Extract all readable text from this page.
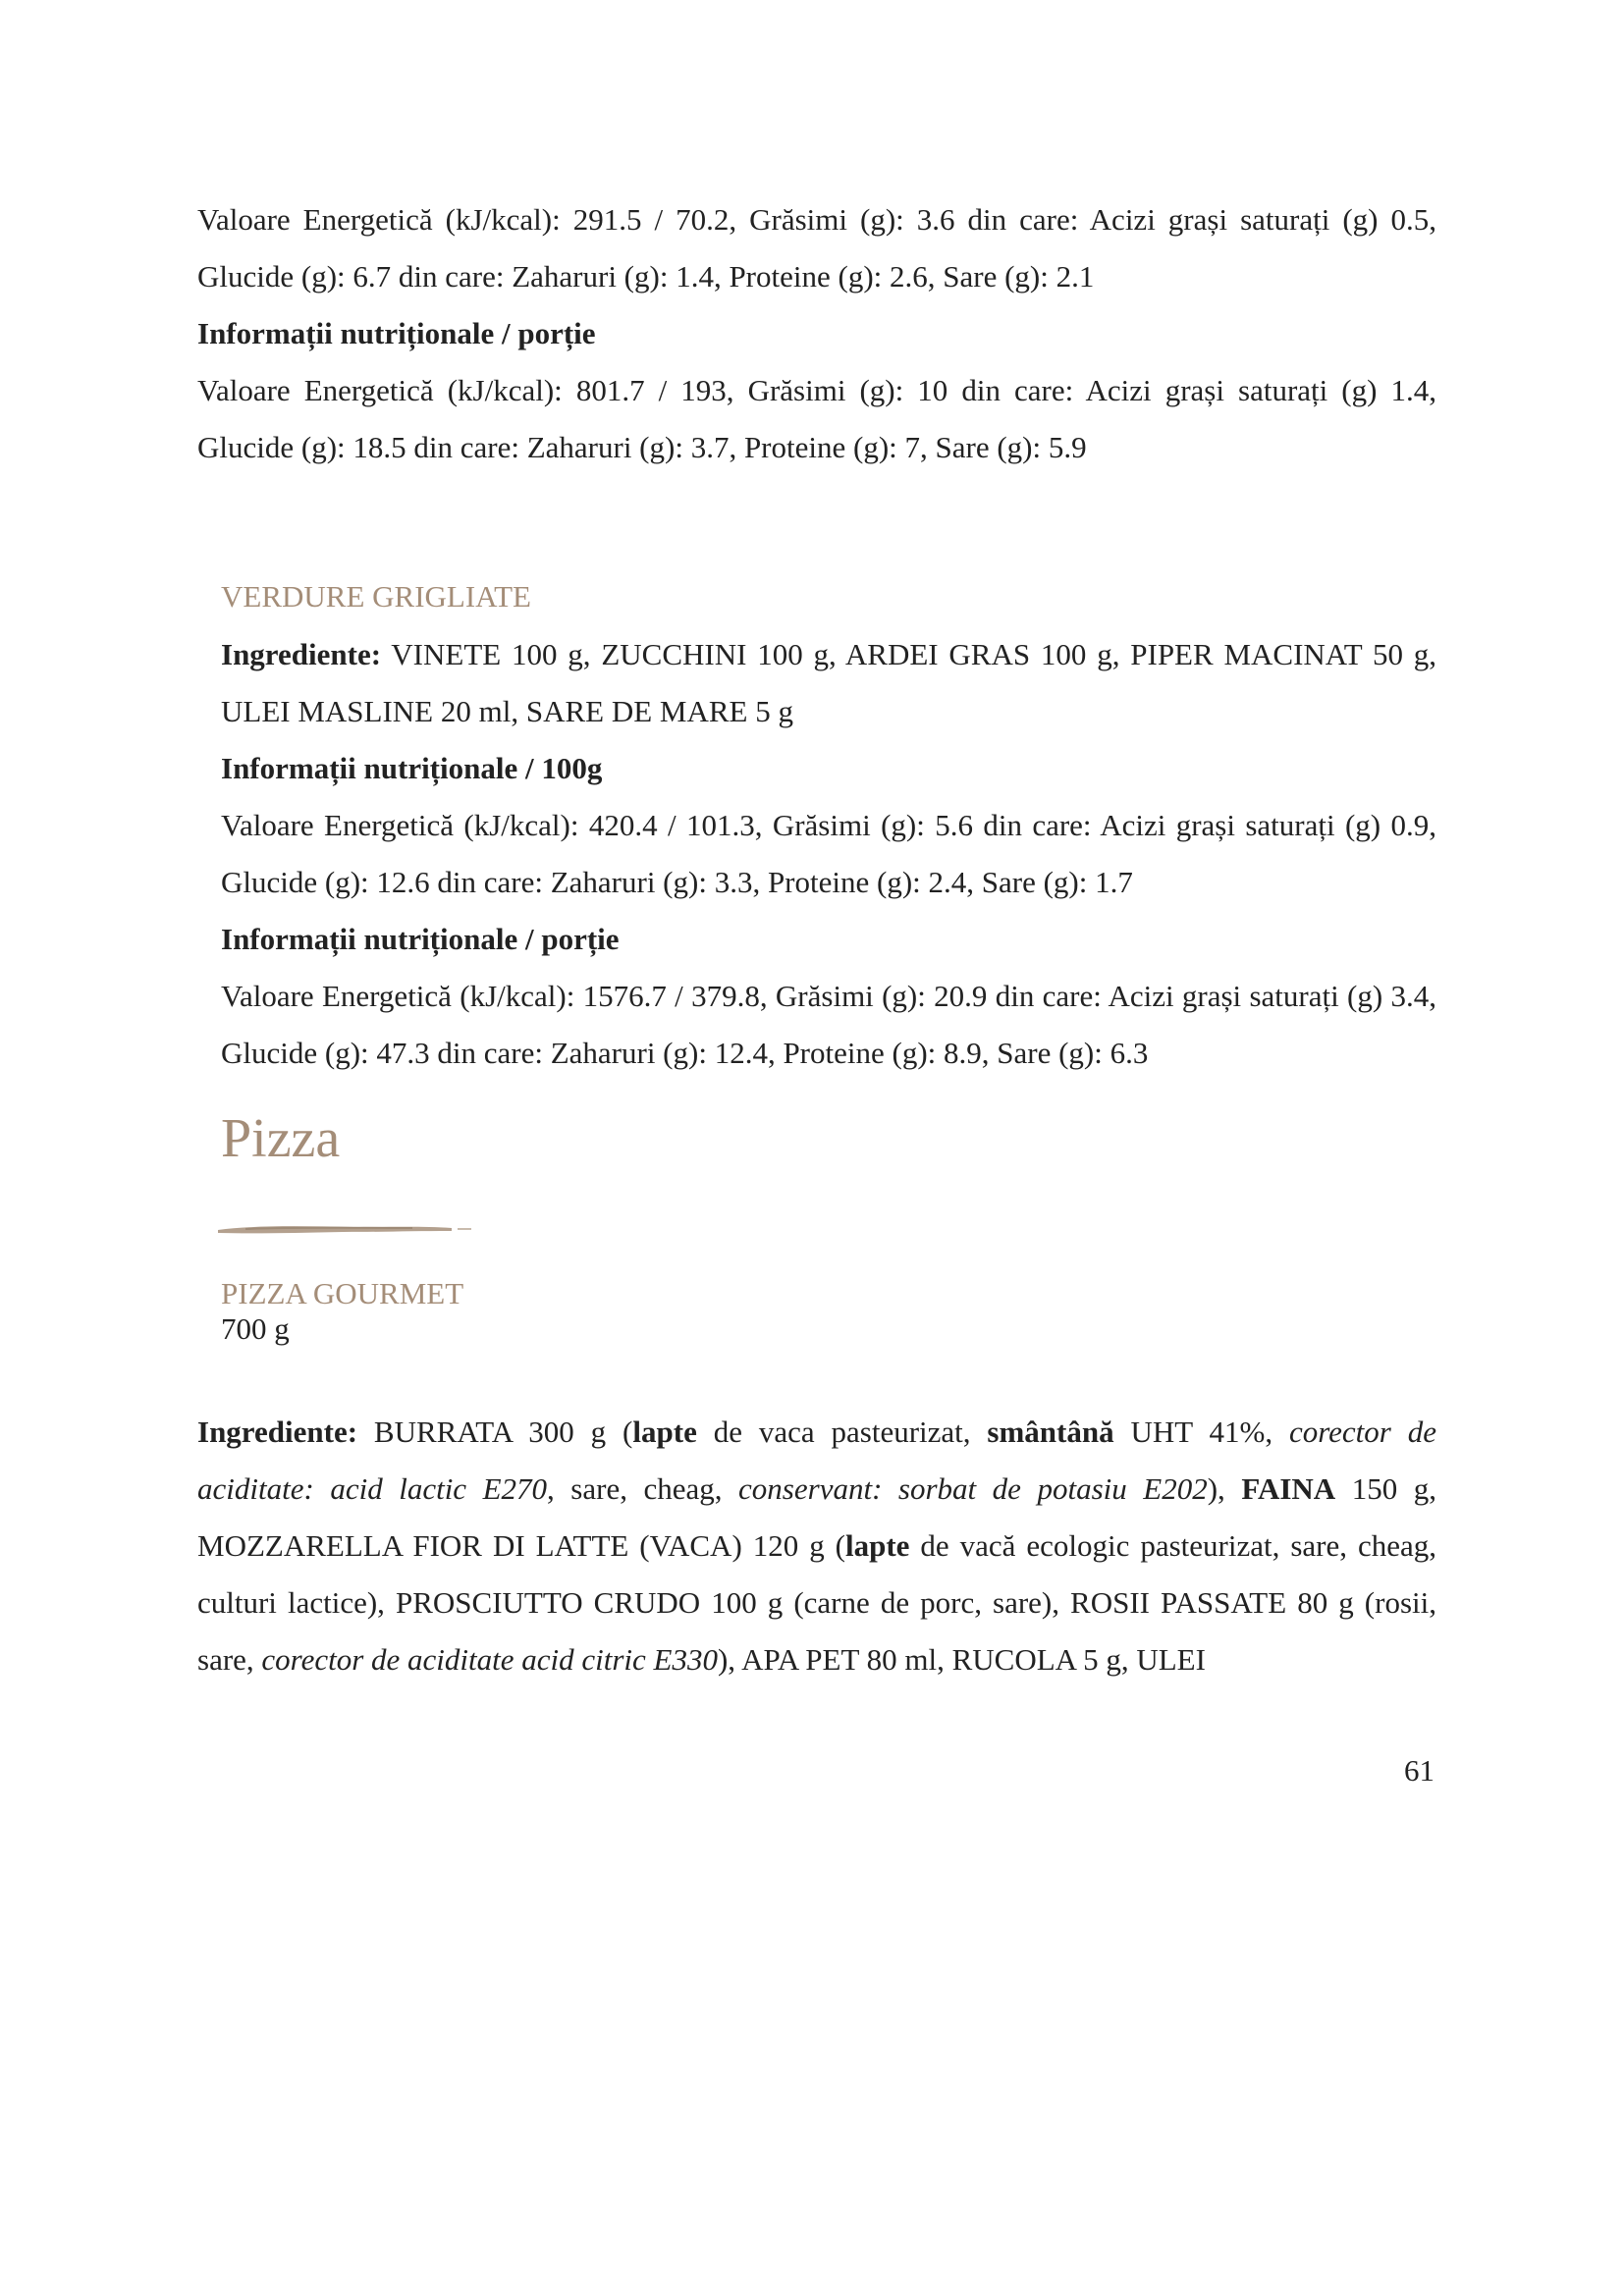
Valoare Energetică (kJ/kcal): 291.5 / 70.2, Grăsimi (g): 3.6 din care: Acizi grași saturați (g) 0.5, Glucide (g): 6.7 din care: Zaharuri (g): 1.4, Proteine (g): 2.6, Sare (g): 2.1

Informații nutriționale / porție

Valoare Energetică (kJ/kcal): 801.7 / 193, Grăsimi (g): 10 din care: Acizi grași saturați (g) 1.4, Glucide (g): 18.5 din care: Zaharuri (g): 3.7, Proteine (g): 7, Sare (g): 5.9

VERDURE GRIGLIATE

Ingrediente: VINETE 100 g, ZUCCHINI 100 g, ARDEI GRAS 100 g, PIPER MACINAT 50 g, ULEI MASLINE 20 ml, SARE DE MARE 5 g

Informații nutriționale / 100g

Valoare Energetică (kJ/kcal): 420.4 / 101.3, Grăsimi (g): 5.6 din care: Acizi grași saturați (g) 0.9, Glucide (g): 12.6 din care: Zaharuri (g): 3.3, Proteine (g): 2.4, Sare (g): 1.7

Informații nutriționale / porție

Valoare Energetică (kJ/kcal): 1576.7 / 379.8, Grăsimi (g): 20.9 din care: Acizi grași saturați (g) 3.4, Glucide (g): 47.3 din care: Zaharuri (g): 12.4, Proteine (g): 8.9, Sare (g): 6.3

Pizza

PIZZA GOURMET

700 g

Ingrediente: BURRATA 300 g (lapte de vaca pasteurizat, smântână UHT 41%, corector de aciditate: acid lactic E270, sare, cheag, conservant: sorbat de potasiu E202), FAINA 150 g, MOZZARELLA FIOR DI LATTE (VACA) 120 g (lapte de vacă ecologic pasteurizat, sare, cheag, culturi lactice), PROSCIUTTO CRUDO 100 g (carne de porc, sare), ROSII PASSATE 80 g (rosii, sare, corector de aciditate acid citric E330), APA PET 80 ml, RUCOLA 5 g, ULEI

61
